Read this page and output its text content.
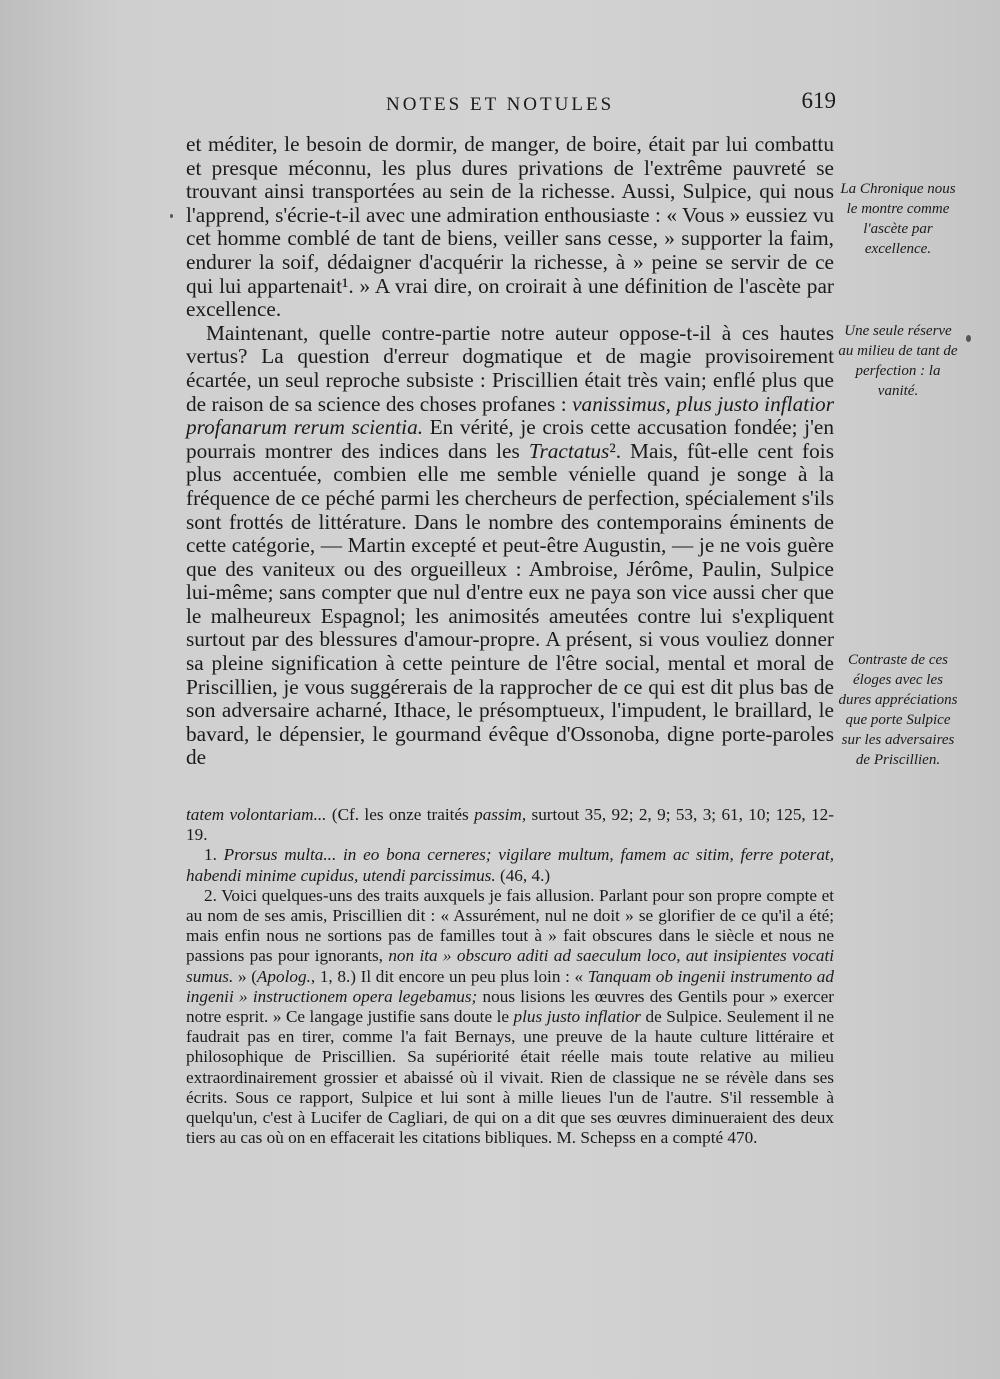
NOTES ET NOTULES	619

et méditer, le besoin de dormir, de manger, de boire, était par lui combattu et presque méconnu, les plus dures privations de l'extrême pauvreté se trouvant ainsi transportées au sein de la richesse. Aussi, Sulpice, qui nous l'apprend, s'écrie-t-il avec une admiration enthousiaste : « Vous » eussiez vu cet homme comblé de tant de biens, veiller sans cesse, » supporter la faim, endurer la soif, dédaigner d'acquérir la richesse, à » peine se servir de ce qui lui appartenait¹. » A vrai dire, on croirait à une définition de l'ascète par excellence.

Maintenant, quelle contre-partie notre auteur oppose-t-il à ces hautes vertus? La question d'erreur dogmatique et de magie provisoirement écartée, un seul reproche subsiste : Priscillien était très vain; enflé plus que de raison de sa science des choses profanes : vanissimus, plus justo inflatior profanarum rerum scientia. En vérité, je crois cette accusation fondée; j'en pourrais montrer des indices dans les Tractatus². Mais, fût-elle cent fois plus accentuée, combien elle me semble vénielle quand je songe à la fréquence de ce péché parmi les chercheurs de perfection, spécialement s'ils sont frottés de littérature. Dans le nombre des contemporains éminents de cette catégorie, — Martin excepté et peut-être Augustin, — je ne vois guère que des vaniteux ou des orgueilleux : Ambroise, Jérôme, Paulin, Sulpice lui-même; sans compter que nul d'entre eux ne paya son vice aussi cher que le malheureux Espagnol; les animosités ameutées contre lui s'expliquent surtout par des blessures d'amour-propre. A présent, si vous vouliez donner sa pleine signification à cette peinture de l'être social, mental et moral de Priscillien, je vous suggérerais de la rapprocher de ce qui est dit plus bas de son adversaire acharné, Ithace, le présomptueux, l'impudent, le braillard, le bavard, le dépensier, le gourmand évêque d'Ossonoba, digne porte-paroles de

tatem volontariam... (Cf. les onze traités passim, surtout 35, 92; 2, 9; 53, 3; 61, 10; 125, 12-19.

1. Prorsus multa... in eo bona cerneres; vigilare multum, famem ac sitim, ferre poterat, habendi minime cupidus, utendi parcissimus. (46, 4.)

2. Voici quelques-uns des traits auxquels je fais allusion. Parlant pour son propre compte et au nom de ses amis, Priscillien dit : « Assurément, nul ne doit » se glorifier de ce qu'il a été; mais enfin nous ne sortions pas de familles tout à » fait obscures dans le siècle et nous ne passions pas pour ignorants, non ita » obscuro aditi ad saeculum loco, aut insipientes vocati sumus. » (Apolog., 1, 8.) Il dit encore un peu plus loin : « Tanquam ob ingenii instrumento ad ingenii » instructionem opera legebamus; nous lisions les œuvres des Gentils pour » exercer notre esprit. » Ce langage justifie sans doute le plus justo inflatior de Sulpice. Seulement il ne faudrait pas en tirer, comme l'a fait Bernays, une preuve de la haute culture littéraire et philosophique de Priscillien. Sa supériorité était réelle mais toute relative au milieu extraordinairement grossier et abaissé où il vivait. Rien de classique ne se révèle dans ses écrits. Sous ce rapport, Sulpice et lui sont à mille lieues l'un de l'autre. S'il ressemble à quelqu'un, c'est à Lucifer de Cagliari, de qui on a dit que ses œuvres diminueraient des deux tiers au cas où on en effacerait les citations bibliques. M. Schepss en a compté 470.

La Chronique nous le montre comme l'ascète par excellence.
Une seule réserve au milieu de tant de perfection : la vanité.
Contraste de ces éloges avec les dures appréciations que porte Sulpice sur les adversaires de Priscillien.
